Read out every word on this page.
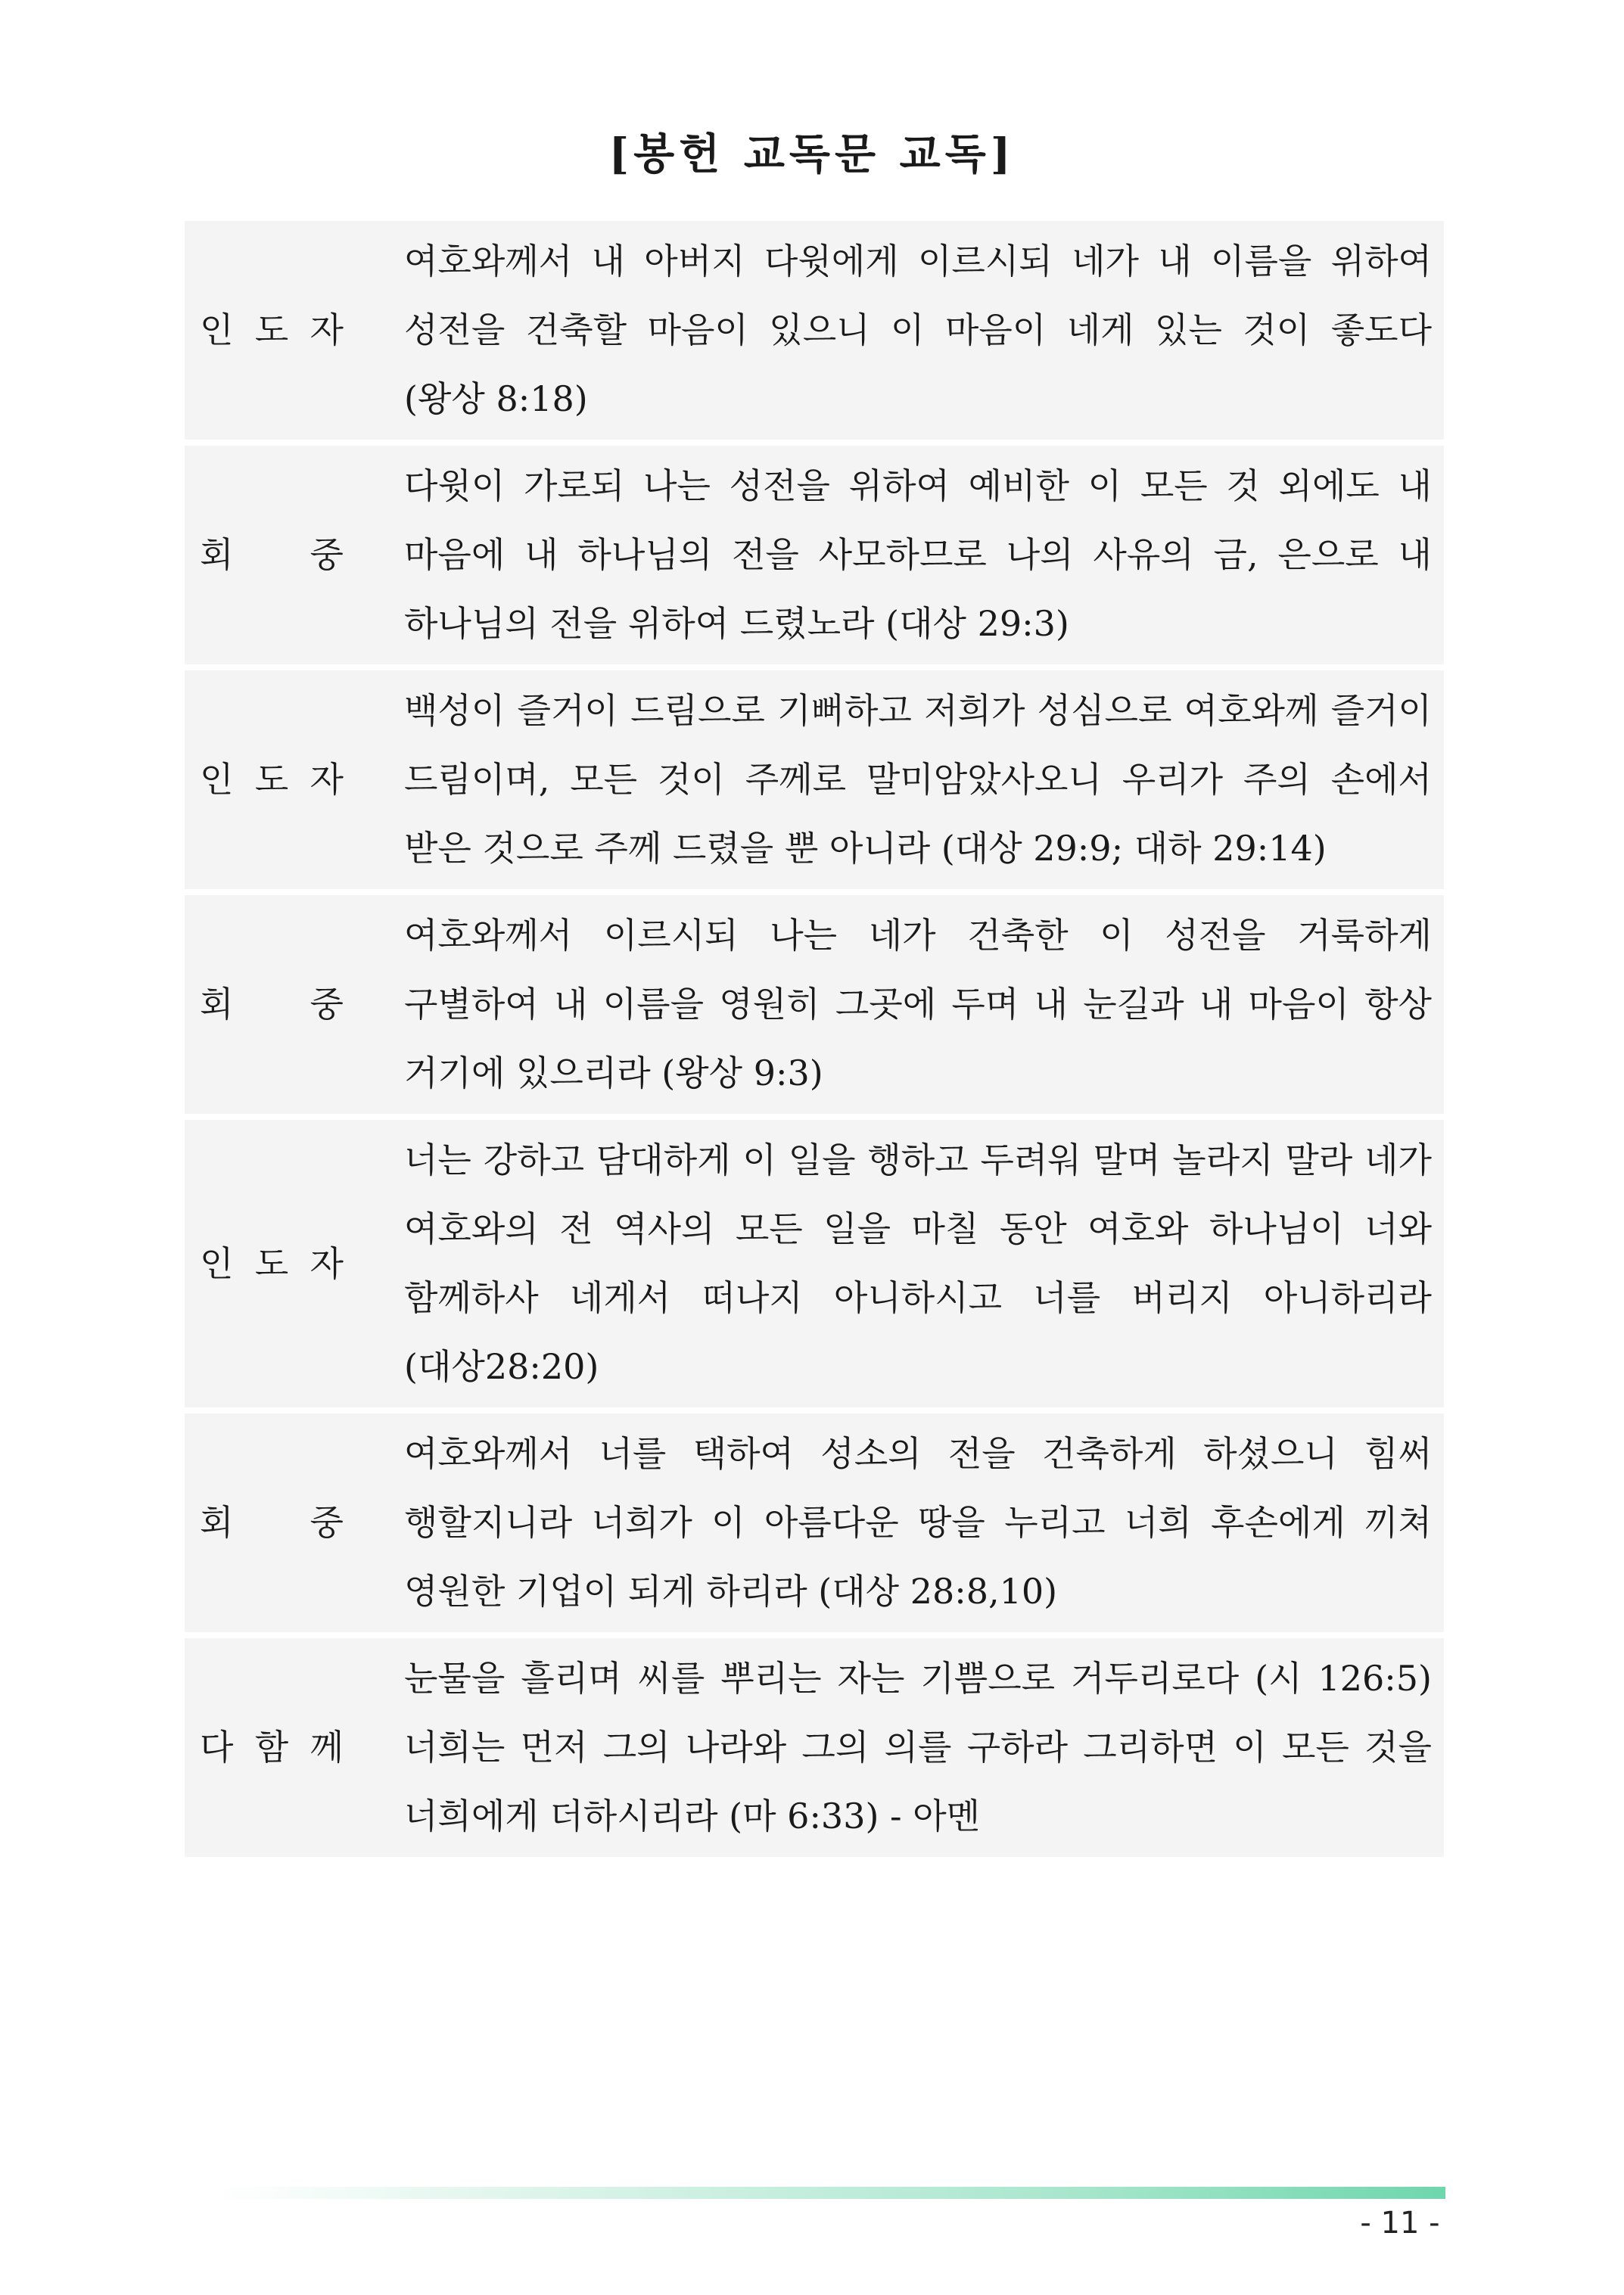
[봉헌 교독문 교독]
인 도 자	여호와께서 내 아버지 다윗에게 이르시되 네가 내 이름을 위하여 성전을 건축할 마음이 있으니 이 마음이 네게 있는 것이 좋도다 (왕상 8:18)

회 중	다윗이 가로되 나는 성전을 위하여 예비한 이 모든 것 외에도 내 마음에 내 하나님의 전을 사모하므로 나의 사유의 금, 은으로 내 하나님의 전을 위하여 드렸노라 (대상 29:3)

인 도 자	백성이 즐거이 드림으로 기뻐하고 저희가 성심으로 여호와께 즐거이 드림이며, 모든 것이 주께로 말미암았사오니 우리가 주의 손에서 받은 것으로 주께 드렸을 뿐 아니라 (대상 29:9; 대하 29:14)

회 중	여호와께서 이르시되 나는 네가 건축한 이 성전을 거룩하게 구별하여 내 이름을 영원히 그곳에 두며 내 눈길과 내 마음이 항상 거기에 있으리라 (왕상 9:3)

인 도 자	너는 강하고 담대하게 이 일을 행하고 두려워 말며 놀라지 말라 네가 여호와의 전 역사의 모든 일을 마칠 동안 여호와 하나님이 너와 함께하사 네게서 떠나지 아니하시고 너를 버리지 아니하리라 (대상28:20)

회 중	여호와께서 너를 택하여 성소의 전을 건축하게 하셨으니 힘써 행할지니라 너희가 이 아름다운 땅을 누리고 너희 후손에게 끼쳐 영원한 기업이 되게 하리라 (대상 28:8,10)

다 함 께	눈물을 흘리며 씨를 뿌리는 자는 기쁨으로 거두리로다 (시 126:5) 너희는 먼저 그의 나라와 그의 의를 구하라 그리하면 이 모든 것을 너희에게 더하시리라 (마 6:33) - 아멘
- 11 -
